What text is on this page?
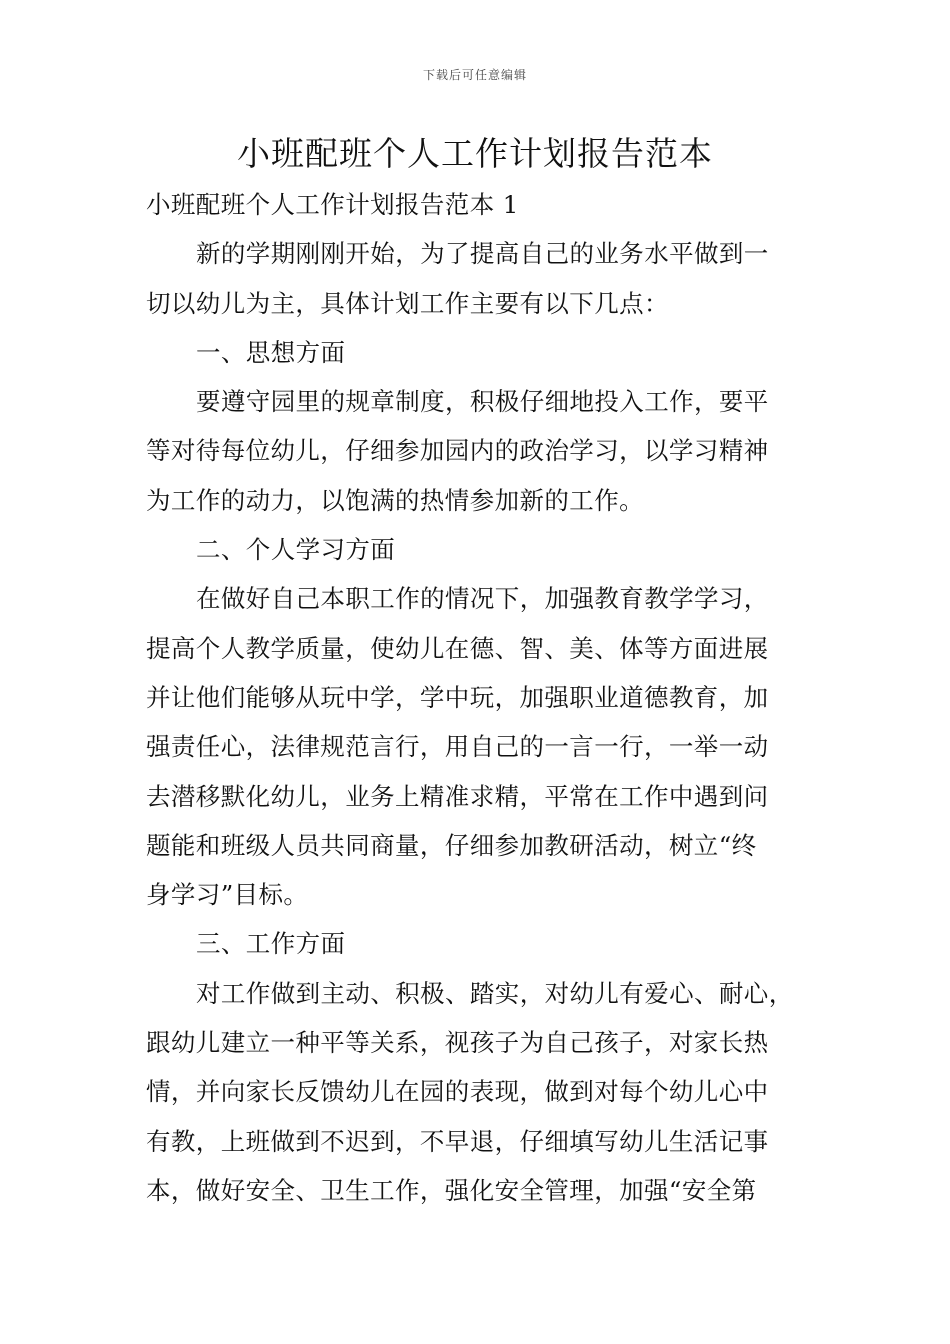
下载后可任意编辑
小班配班个人工作计划报告范本
小班配班个人工作计划报告范本 1
新的学期刚刚开始，为了提高自己的业务水平做到一
切以幼儿为主，具体计划工作主要有以下几点：
一、思想方面
要遵守园里的规章制度，积极仔细地投入工作，要平
等对待每位幼儿，仔细参加园内的政治学习，以学习精神
为工作的动力，以饱满的热情参加新的工作。
二、个人学习方面
在做好自己本职工作的情况下，加强教育教学学习，
提高个人教学质量，使幼儿在德、智、美、体等方面进展
并让他们能够从玩中学，学中玩，加强职业道德教育，加
强责任心，法律规范言行，用自己的一言一行，一举一动
去潜移默化幼儿，业务上精准求精，平常在工作中遇到问
题能和班级人员共同商量，仔细参加教研活动，树立“终
身学习”目标。
三、工作方面
对工作做到主动、积极、踏实，对幼儿有爱心、耐心，
跟幼儿建立一种平等关系，视孩子为自己孩子，对家长热
情，并向家长反馈幼儿在园的表现，做到对每个幼儿心中
有教，上班做到不迟到，不早退，仔细填写幼儿生活记事
本，做好安全、卫生工作，强化安全管理，加强“安全第
